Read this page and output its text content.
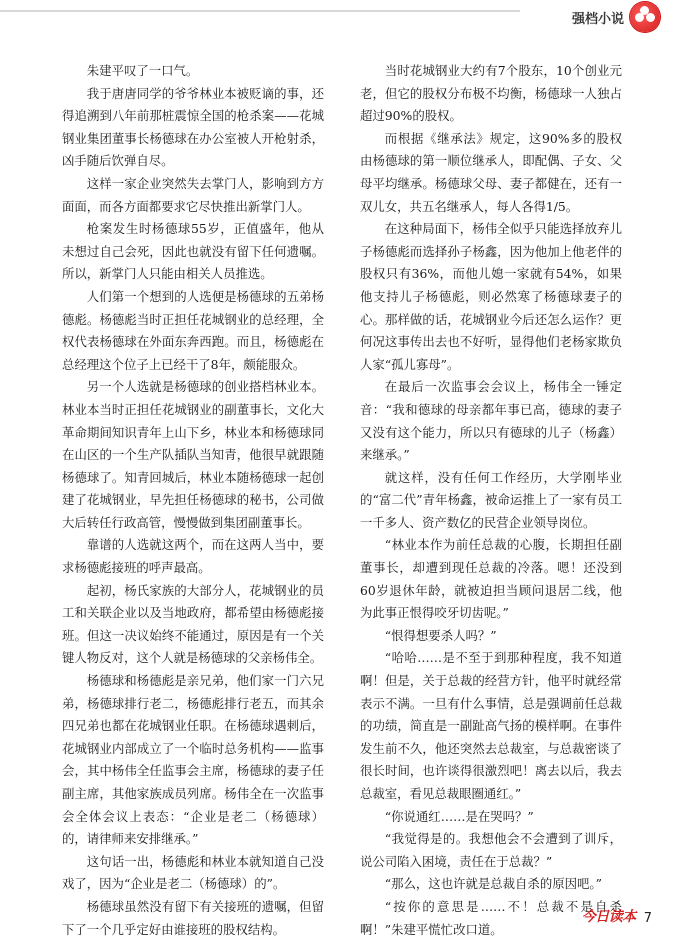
强档小说

朱建平叹了一口气。

我于唐唐同学的爷爷林业本被贬谪的事，还得追溯到八年前那桩震惊全国的枪杀案——花城钢业集团董事长杨德球在办公室被人开枪射杀，凶手随后饮弹自尽。

这样一家企业突然失去掌门人，影响到方方面面，而各方面都要求它尽快推出新掌门人。

枪案发生时杨德球55岁，正值盛年，他从未想过自己会死，因此也就没有留下任何遗嘱。所以，新掌门人只能由相关人员推选。

人们第一个想到的人选便是杨德球的五弟杨德彪。杨德彪当时正担任花城钢业的总经理，全权代表杨德球在外面东奔西跑。而且，杨德彪在总经理这个位子上已经干了8年，颇能服众。

另一个人选就是杨德球的创业搭档林业本。林业本当时正担任花城钢业的副董事长，文化大革命期间知识青年上山下乡，林业本和杨德球同在山区的一个生产队插队当知青，他很早就跟随杨德球了。知青回城后，林业本随杨德球一起创建了花城钢业，早先担任杨德球的秘书，公司做大后转任行政高管，慢慢做到集团副董事长。

靠谱的人选就这两个，而在这两人当中，要求杨德彪接班的呼声最高。

起初，杨氏家族的大部分人，花城钢业的员工和关联企业以及当地政府，都希望由杨德彪接班。但这一决议始终不能通过，原因是有一个关键人物反对，这个人就是杨德球的父亲杨伟全。

杨德球和杨德彪是亲兄弟，他们家一门六兄弟，杨德球排行老二，杨德彪排行老五，而其余四兄弟也都在花城钢业任职。在杨德球遇刺后，花城钢业内部成立了一个临时总务机构——监事会，其中杨伟全任监事会主席，杨德球的妻子任副主席，其他家族成员列席。杨伟全在一次监事会全体会议上表态：“企业是老二（杨德球）的，请律师来安排继承。”

这句话一出，杨德彪和林业本就知道自己没戏了，因为“企业是老二（杨德球）的”。

杨德球虽然没有留下有关接班的遗嘱，但留下了一个几乎定好由谁接班的股权结构。

当时花城钢业大约有7个股东，10个创业元老，但它的股权分布极不均衡，杨德球一人独占超过90%的股权。

而根据《继承法》规定，这90%多的股权由杨德球的第一顺位继承人，即配偶、子女、父母平均继承。杨德球父母、妻子都健在，还有一双儿女，共五名继承人，每人各得1/5。

在这种局面下，杨伟全似乎只能选择放弃儿子杨德彪而选择孙子杨鑫，因为他加上他老伴的股权只有36%，而他儿媳一家就有54%，如果他支持儿子杨德彪，则必然寒了杨德球妻子的心。那样做的话，花城钢业今后还怎么运作？更何况这事传出去也不好听，显得他们老杨家欺负人家“孤儿寡母”。

在最后一次监事会会议上，杨伟全一锤定音：“我和德球的母亲都年事已高，德球的妻子又没有这个能力，所以只有德球的儿子（杨鑫）来继承。”

就这样，没有任何工作经历，大学刚毕业的“富二代”青年杨鑫，被命运推上了一家有员工一千多人、资产数亿的民营企业领导岗位。

“林业本作为前任总裁的心腹，长期担任副董事长，却遭到现任总裁的冷落。嗯！还没到60岁退休年龄，就被迫担当顾问退居二线，他为此事正恨得咬牙切齿呢。”

“恨得想要杀人吗？”

“哈哈……是不至于到那种程度，我不知道啊！但是，关于总裁的经营方针，他平时就经常表示不满。一旦有什么事情，总是强调前任总裁的功绩，简直是一副趾高气扬的模样啊。在事件发生前不久，他还突然去总裁室，与总裁密谈了很长时间，也许谈得很激烈吧！离去以后，我去总裁室，看见总裁眼圈通红。”

“你说通红……是在哭吗？”

“我觉得是的。我想他会不会遭到了训斥，说公司陷入困境，责任在于总裁？”

“那么，这也许就是总裁自杀的原因吧。”

“按你的意思是……不！总裁不是自杀啊！”朱建平慌忙改口道。

今日读本 7
